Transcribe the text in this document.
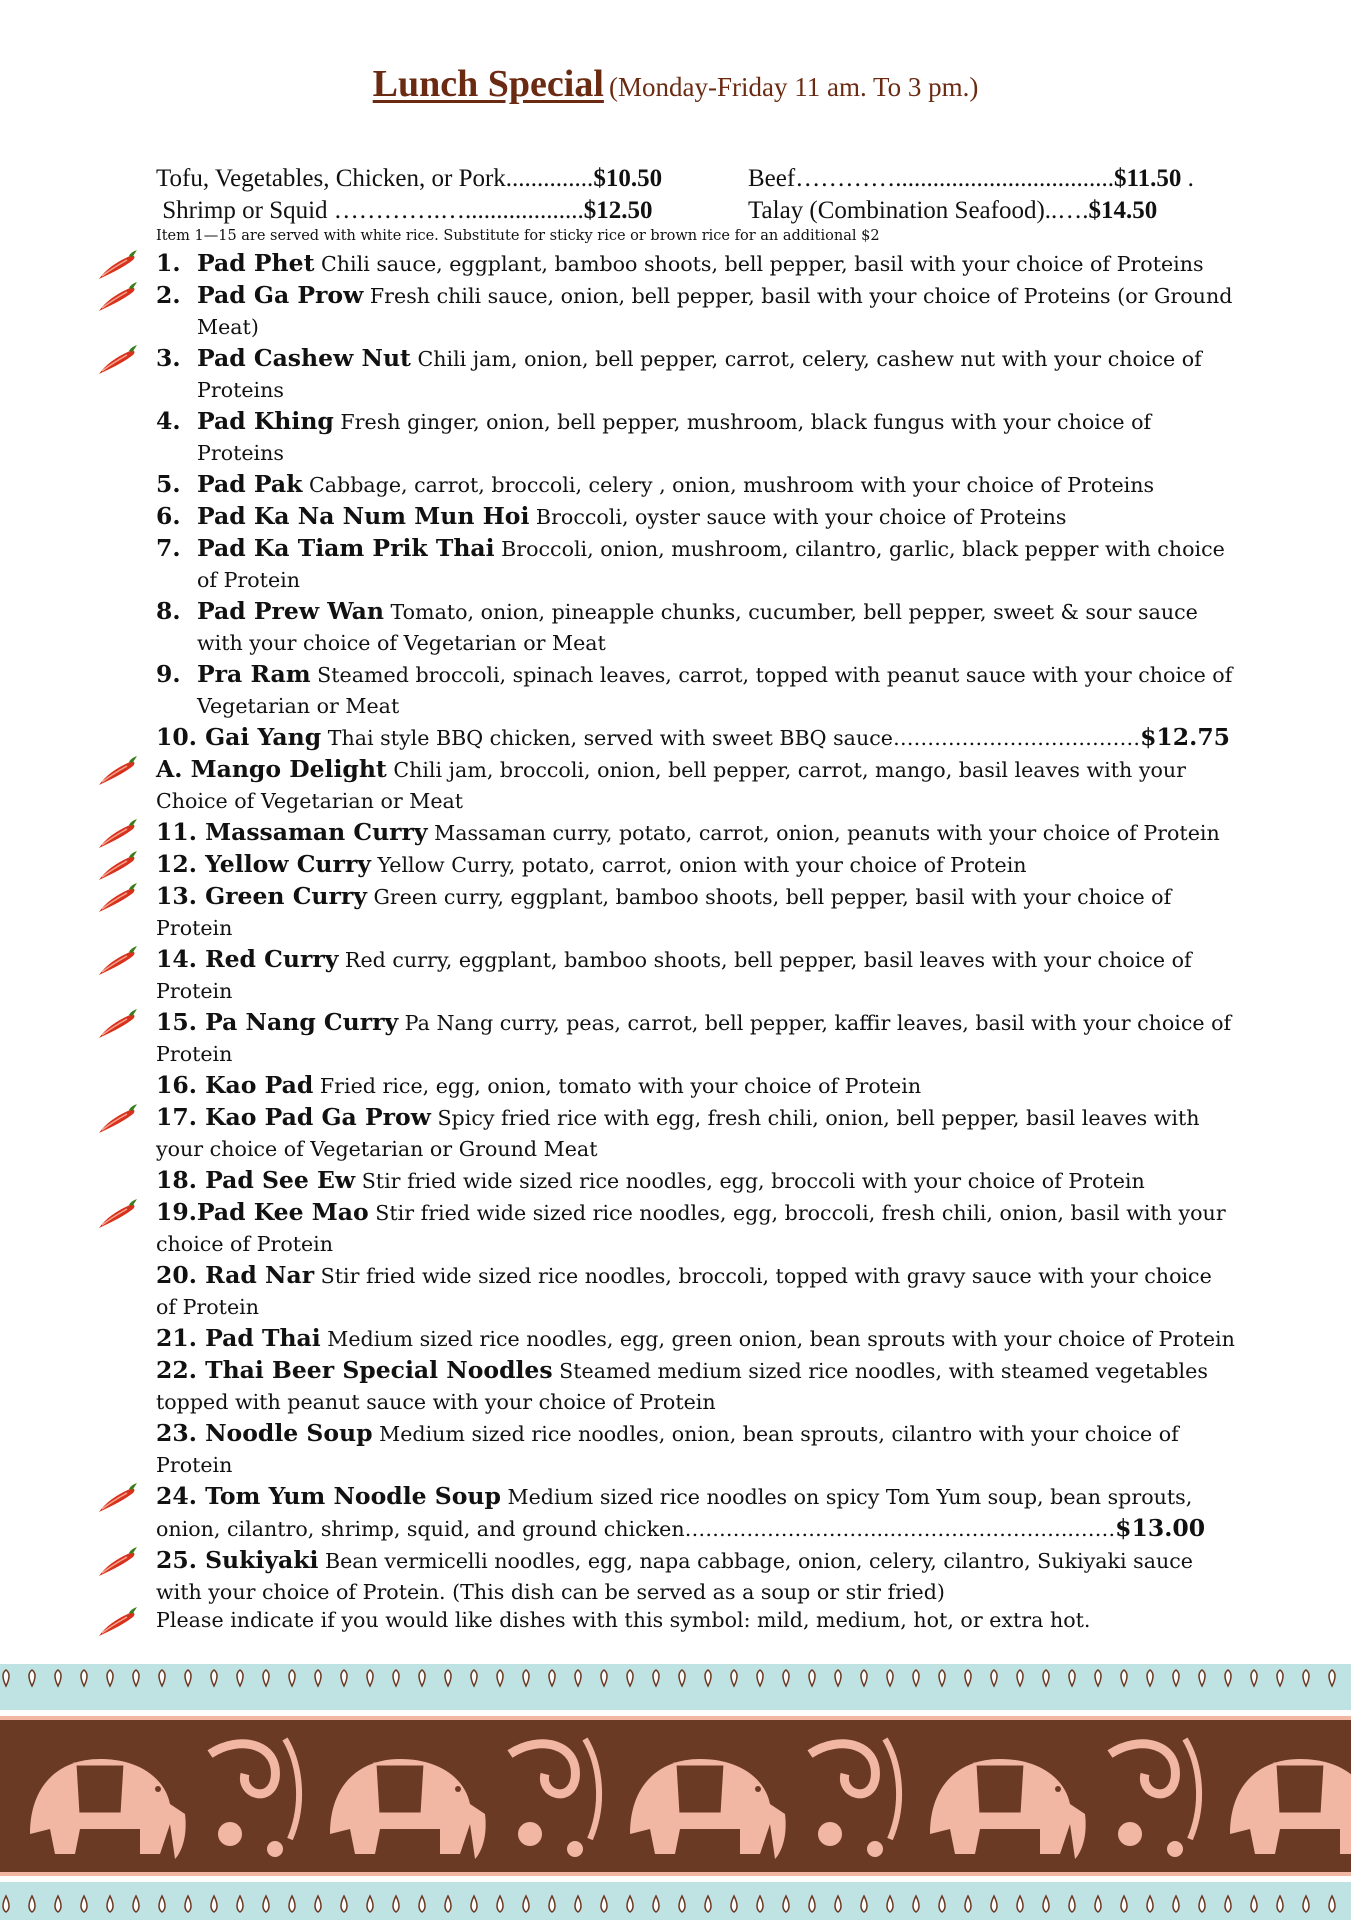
Lunch Special (Monday-Friday 11 am. To 3 pm.)
Tofu, Vegetables, Chicken, or Pork..............$10.50	Beef…………...................................$11.50 .
Shrimp or Squid ………….…...................$12.50	Talay (Combination Seafood)..….$14.50
Item 1—15 are served with white rice. Substitute for sticky rice or brown rice for an additional $2
1. Pad Phet Chili sauce, eggplant, bamboo shoots, bell pepper, basil with your choice of Proteins
2. Pad Ga Prow Fresh chili sauce, onion, bell pepper, basil with your choice of Proteins (or Ground Meat)
3. Pad Cashew Nut Chili jam, onion, bell pepper, carrot, celery, cashew nut with your choice of Proteins
4. Pad Khing Fresh ginger, onion, bell pepper, mushroom, black fungus with your choice of Proteins
5. Pad Pak Cabbage, carrot, broccoli, celery , onion, mushroom with your choice of Proteins
6. Pad Ka Na Num Mun Hoi Broccoli, oyster sauce with your choice of Proteins
7. Pad Ka Tiam Prik Thai Broccoli, onion, mushroom, cilantro, garlic, black pepper with choice of Protein
8. Pad Prew Wan Tomato, onion, pineapple chunks, cucumber, bell pepper, sweet & sour sauce with your choice of Vegetarian or Meat
9. Pra Ram Steamed broccoli, spinach leaves, carrot, topped with peanut sauce with your choice of Vegetarian or Meat
10. Gai Yang Thai style BBQ chicken, served with sweet BBQ sauce………………………………$12.75
A. Mango Delight Chili jam, broccoli, onion, bell pepper, carrot, mango, basil leaves with your Choice of Vegetarian or Meat
11. Massaman Curry Massaman curry, potato, carrot, onion, peanuts with your choice of Protein
12. Yellow Curry Yellow Curry, potato, carrot, onion with your choice of Protein
13. Green Curry Green curry, eggplant, bamboo shoots, bell pepper, basil with your choice of Protein
14. Red Curry Red curry, eggplant, bamboo shoots, bell pepper, basil leaves with your choice of Protein
15. Pa Nang Curry Pa Nang curry, peas, carrot, bell pepper, kaffir leaves, basil with your choice of Protein
16. Kao Pad Fried rice, egg, onion, tomato with your choice of Protein
17. Kao Pad Ga Prow Spicy fried rice with egg, fresh chili, onion, bell pepper, basil leaves with your choice of Vegetarian or Ground Meat
18. Pad See Ew Stir fried wide sized rice noodles, egg, broccoli with your choice of Protein
19.Pad Kee Mao Stir fried wide sized rice noodles, egg, broccoli, fresh chili, onion, basil with your choice of Protein
20. Rad Nar Stir fried wide sized rice noodles, broccoli, topped with gravy sauce with your choice of Protein
21. Pad Thai Medium sized rice noodles, egg, green onion, bean sprouts with your choice of Protein
22. Thai Beer Special Noodles Steamed medium sized rice noodles, with steamed vegetables topped with peanut sauce with your choice of Protein
23. Noodle Soup Medium sized rice noodles, onion, bean sprouts, cilantro with your choice of Protein
24. Tom Yum Noodle Soup Medium sized rice noodles on spicy Tom Yum soup, bean sprouts, onion, cilantro, shrimp, squid, and ground chicken………………………....……………………..……$13.00
25. Sukiyaki Bean vermicelli noodles, egg, napa cabbage, onion, celery, cilantro, Sukiyaki sauce with your choice of Protein. (This dish can be served as a soup or stir fried)
Please indicate if you would like dishes with this symbol: mild, medium, hot, or extra hot.
